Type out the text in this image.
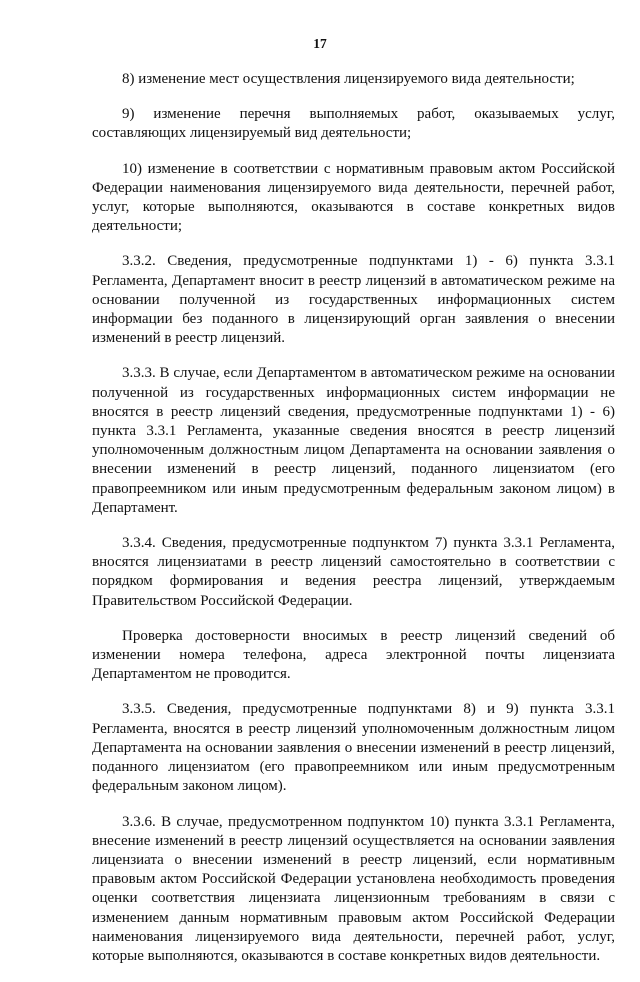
17

8) изменение мест осуществления лицензируемого вида деятельности;

9) изменение перечня выполняемых работ, оказываемых услуг, составляющих лицензируемый вид деятельности;

10) изменение в соответствии с нормативным правовым актом Российской Федерации наименования лицензируемого вида деятельности, перечней работ, услуг, которые выполняются, оказываются в составе конкретных видов деятельности;

3.3.2. Сведения, предусмотренные подпунктами 1) - 6) пункта 3.3.1 Регламента, Департамент вносит в реестр лицензий в автоматическом режиме на основании полученной из государственных информационных систем информации без поданного в лицензирующий орган заявления о внесении изменений в реестр лицензий.

3.3.3. В случае, если Департаментом в автоматическом режиме на основании полученной из государственных информационных систем информации не вносятся в реестр лицензий сведения, предусмотренные подпунктами 1) - 6) пункта 3.3.1 Регламента, указанные сведения вносятся в реестр лицензий уполномоченным должностным лицом Департамента на основании заявления о внесении изменений в реестр лицензий, поданного лицензиатом (его правопреемником или иным предусмотренным федеральным законом лицом) в Департамент.

3.3.4. Сведения, предусмотренные подпунктом 7) пункта 3.3.1 Регламента, вносятся лицензиатами в реестр лицензий самостоятельно в соответствии с порядком формирования и ведения реестра лицензий, утверждаемым Правительством Российской Федерации.

Проверка достоверности вносимых в реестр лицензий сведений об изменении номера телефона, адреса электронной почты лицензиата Департаментом не проводится.

3.3.5. Сведения, предусмотренные подпунктами 8) и 9) пункта 3.3.1 Регламента, вносятся в реестр лицензий уполномоченным должностным лицом Департамента на основании заявления о внесении изменений в реестр лицензий, поданного лицензиатом (его правопреемником или иным предусмотренным федеральным законом лицом).

3.3.6. В случае, предусмотренном подпунктом 10) пункта 3.3.1 Регламента, внесение изменений в реестр лицензий осуществляется на основании заявления лицензиата о внесении изменений в реестр лицензий, если нормативным правовым актом Российской Федерации установлена необходимость проведения оценки соответствия лицензиата лицензионным требованиям в связи с изменением данным нормативным правовым актом Российской Федерации наименования лицензируемого вида деятельности, перечней работ, услуг, которые выполняются, оказываются в составе конкретных видов деятельности.
